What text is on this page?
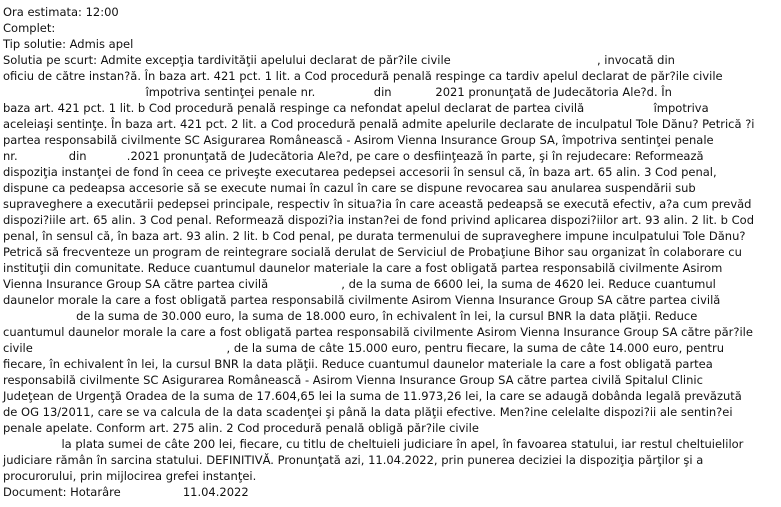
Ora estimata: 12:00
Complet:
Tip solutie: Admis apel
Solutia pe scurt: Admite excepţia tardivităţii apelului declarat de păr?ile civile                                        , invocată din
oficiu de către instan?ă. În baza art. 421 pct. 1 lit. a Cod procedură penală respinge ca tardiv apelul declarat de păr?ile civile
împotriva sentinţei penale nr.                din            2021 pronunţată de Judecătoria Ale?d. În
baza art. 421 pct. 1 lit. b Cod procedură penală respinge ca nefondat apelul declarat de partea civilă                   împotriva
aceleiaşi sentinţe. În baza art. 421 pct. 2 lit. a Cod procedură penală admite apelurile declarate de inculpatul Tole Dănu? Petrică ?i
partea responsabilă civilmente SC Asigurarea Românească - Asirom Vienna Insurance Group SA, împotriva sentinţei penale
nr.              din           .2021 pronunţată de Judecătoria Ale?d, pe care o desfiinţează în parte, şi în rejudecare: Reformează
dispoziţia instanţei de fond în ceea ce priveşte executarea pedepsei accesorii în sensul că, în baza art. 65 alin. 3 Cod penal,
dispune ca pedeapsa accesorie să se execute numai în cazul în care se dispune revocarea sau anularea suspendării sub
supraveghere a executării pedepsei principale, respectiv în situa?ia în care această pedeapsă se execută efectiv, a?a cum prevăd
dispozi?iile art. 65 alin. 3 Cod penal. Reformează dispozi?ia instan?ei de fond privind aplicarea dispozi?iilor art. 93 alin. 2 lit. b Cod
penal, în sensul că, în baza art. 93 alin. 2 lit. b Cod penal, pe durata termenului de supraveghere impune inculpatului Tole Dănu?
Petrică să frecventeze un program de reintegrare socială derulat de Serviciul de Probaţiune Bihor sau organizat în colaborare cu
instituţii din comunitate. Reduce cuantumul daunelor materiale la care a fost obligată partea responsabilă civilmente Asirom
Vienna Insurance Group SA către partea civilă                    , de la suma de 6600 lei, la suma de 4620 lei. Reduce cuantumul
daunelor morale la care a fost obligată partea responsabilă civilmente Asirom Vienna Insurance Group SA către partea civilă
de la suma de 30.000 euro, la suma de 18.000 euro, în echivalent în lei, la cursul BNR la data plăţii. Reduce
cuantumul daunelor morale la care a fost obligată partea responsabilă civilmente Asirom Vienna Insurance Group SA către păr?ile
civile                                                     , de la suma de câte 15.000 euro, pentru fiecare, la suma de câte 14.000 euro, pentru
fiecare, în echivalent în lei, la cursul BNR la data plăţii. Reduce cuantumul daunelor materiale la care a fost obligată partea
responsabilă civilmente SC Asigurarea Românească - Asirom Vienna Insurance Group SA către partea civilă Spitalul Clinic
Judeţean de Urgenţă Oradea de la suma de 17.604,65 lei la suma de 11.973,26 lei, la care se adaugă dobânda legală prevăzută
de OG 13/2011, care se va calcula de la data scadenţei şi până la data plăţii efective. Men?ine celelalte dispozi?ii ale sentin?ei
penale apelate. Conform art. 275 alin. 2 Cod procedură penală obligă păr?ile civile
la plata sumei de câte 200 lei, fiecare, cu titlu de cheltuieli judiciare în apel, în favoarea statului, iar restul cheltuielilor
judiciare rămân în sarcina statului. DEFINITIVĂ. Pronunţată azi, 11.04.2022, prin punerea deciziei la dispoziţia părţilor şi a
procurorului, prin mijlocirea grefei instanţei.
Document: Hotarâre                 11.04.2022
